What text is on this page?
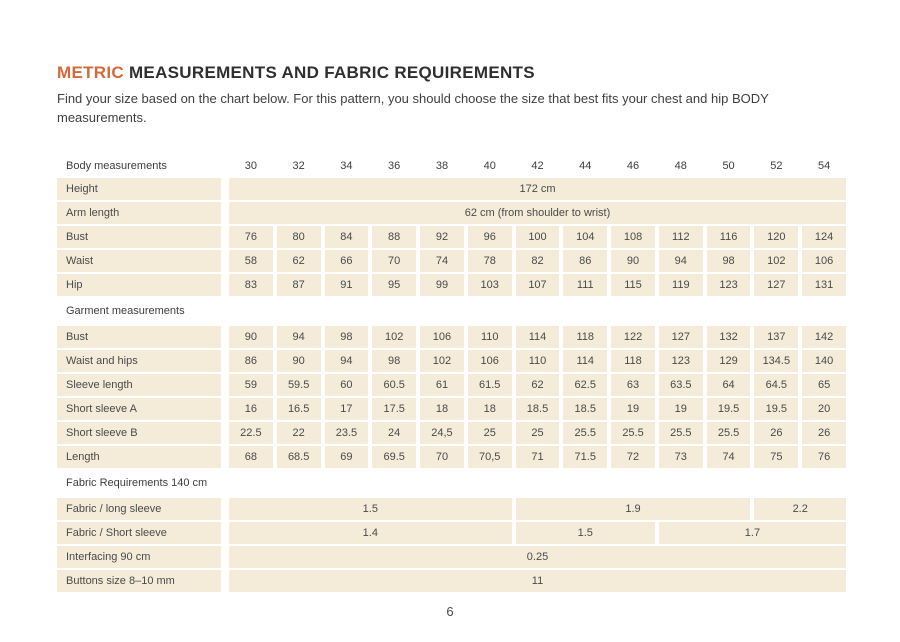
METRIC MEASUREMENTS AND FABRIC REQUIREMENTS

Find your size based on the chart below. For this pattern, you should choose the size that best fits your chest and hip BODY measurements.

Body measurements	30	32	34	36	38	40	42	44	46	48	50	52	54
Height	172 cm
Arm length	62 cm (from shoulder to wrist)
Bust	76	80	84	88	92	96	100	104	108	112	116	120	124
Waist	58	62	66	70	74	78	82	86	90	94	98	102	106
Hip	83	87	91	95	99	103	107	111	115	119	123	127	131
Garment measurements
Bust	90	94	98	102	106	110	114	118	122	127	132	137	142
Waist and hips	86	90	94	98	102	106	110	114	118	123	129	134.5	140
Sleeve length	59	59.5	60	60.5	61	61.5	62	62.5	63	63.5	64	64.5	65
Short sleeve A	16	16.5	17	17.5	18	18	18.5	18.5	19	19	19.5	19.5	20
Short sleeve B	22.5	22	23.5	24	24,5	25	25	25.5	25.5	25.5	25.5	26	26
Length	68	68.5	69	69.5	70	70,5	71	71.5	72	73	74	75	76
Fabric Requirements 140 cm
Fabric / long sleeve	1.5	1.9	2.2
Fabric / Short sleeve	1.4	1.5	1.7
Interfacing 90 cm	0.25
Buttons size 8–10 mm	11
6
